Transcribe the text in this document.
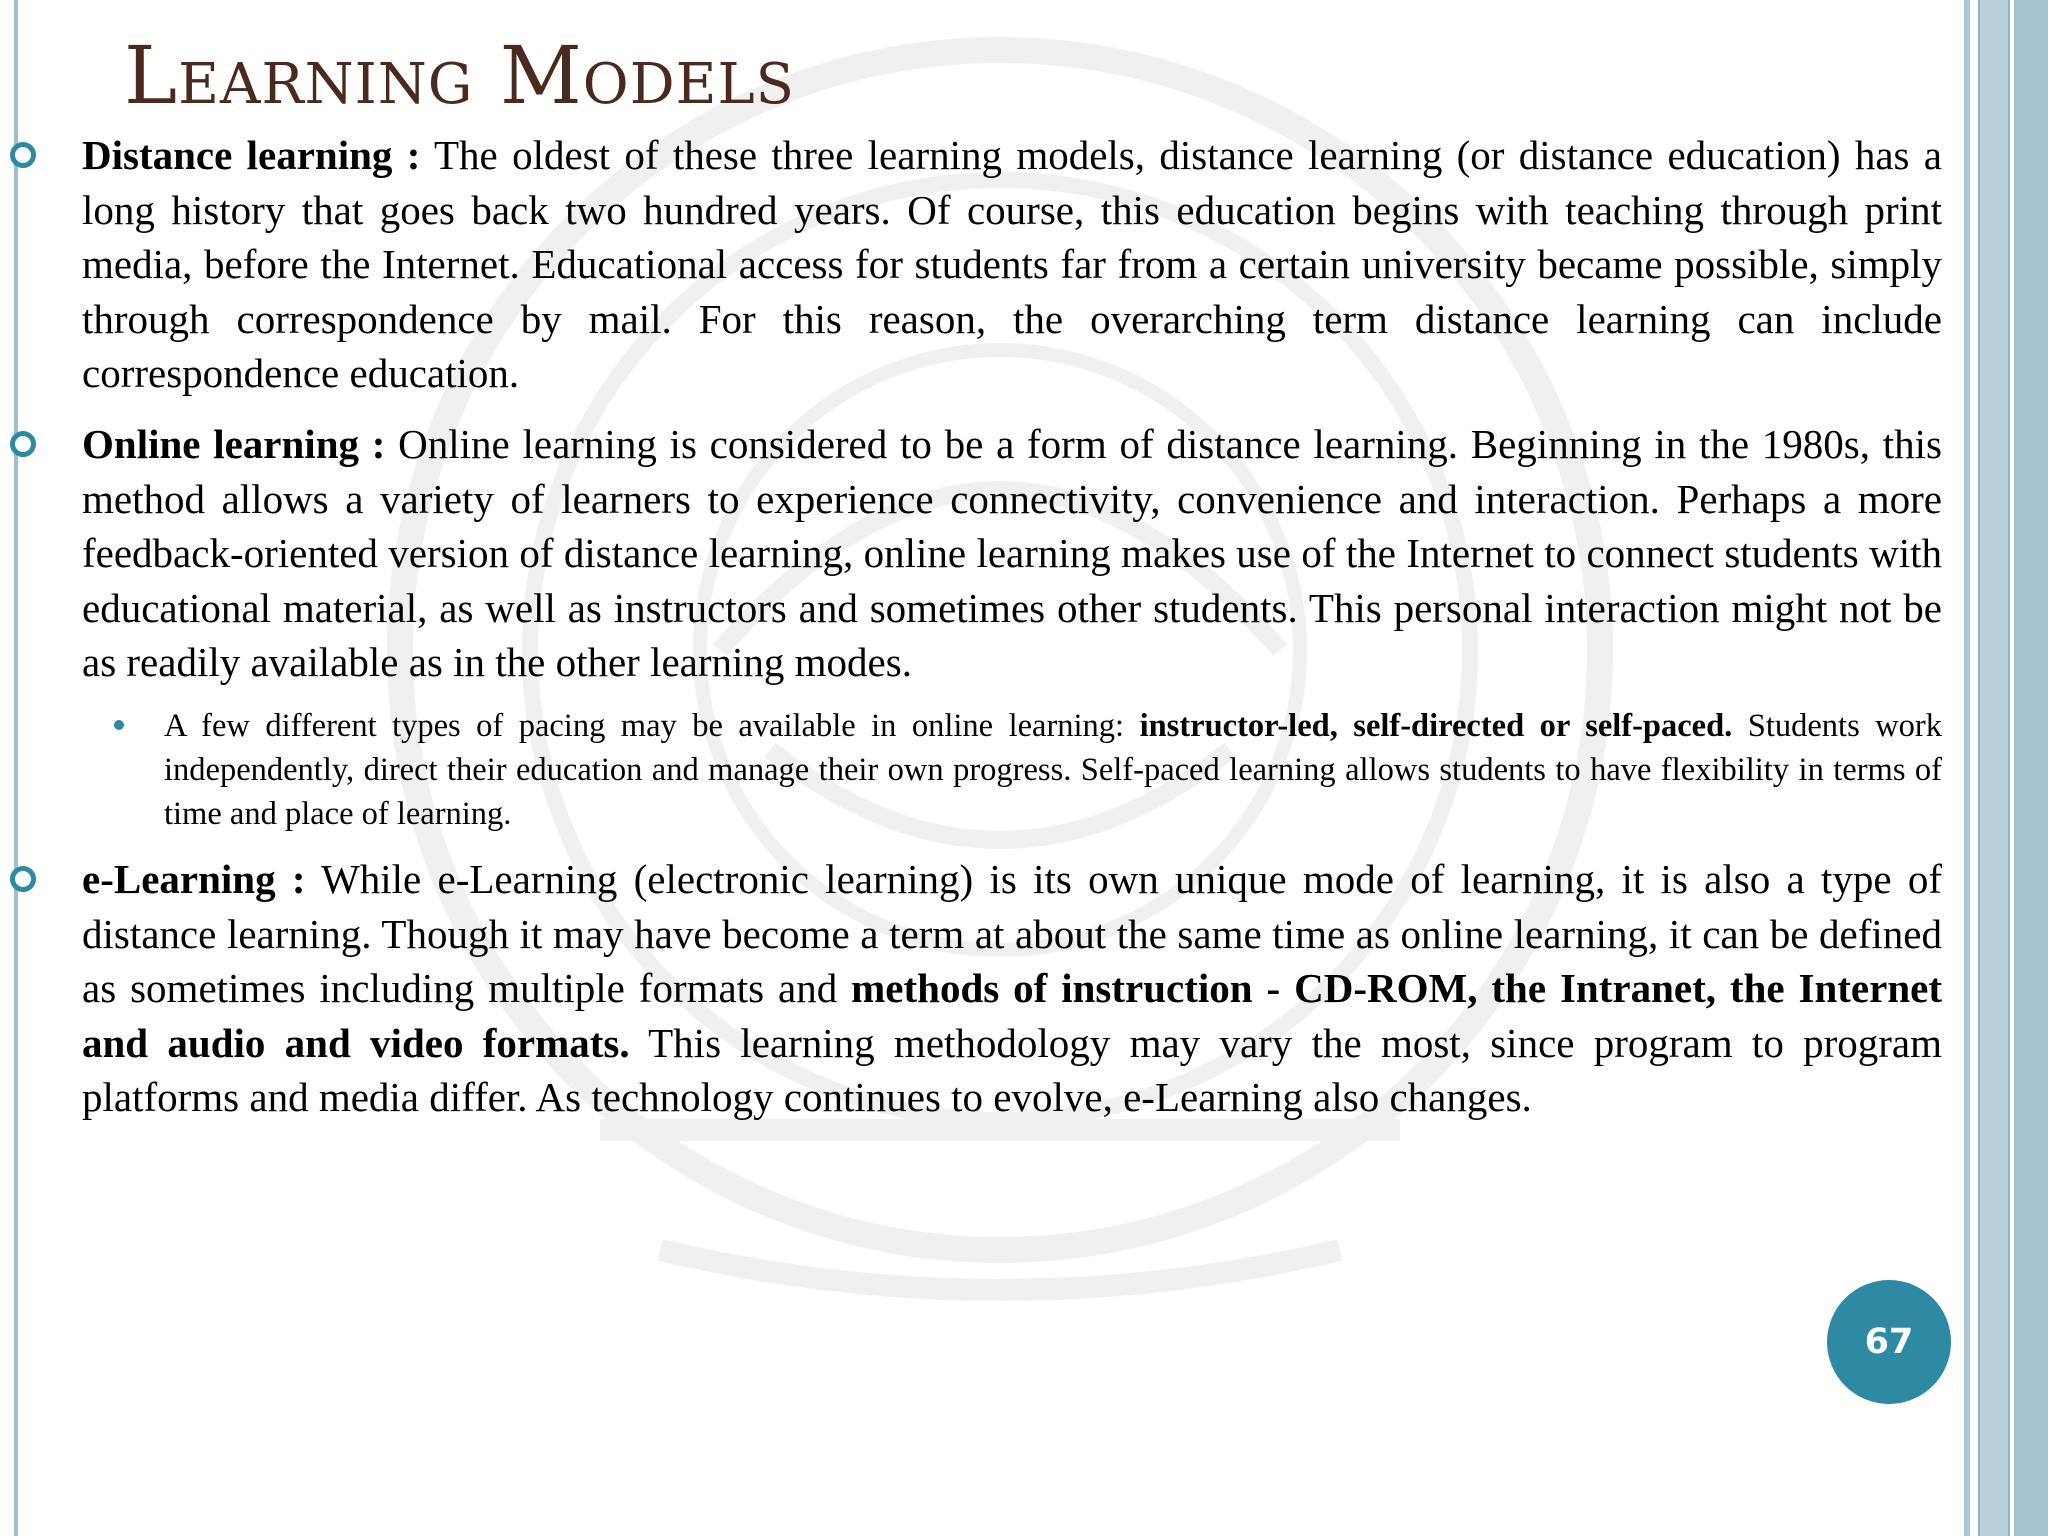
Learning Models

Distance learning : The oldest of these three learning models, distance learning (or distance education) has a long history that goes back two hundred years. Of course, this education begins with teaching through print media, before the Internet. Educational access for students far from a certain university became possible, simply through correspondence by mail. For this reason, the overarching term distance learning can include correspondence education.

Online learning : Online learning is considered to be a form of distance learning. Beginning in the 1980s, this method allows a variety of learners to experience connectivity, convenience and interaction. Perhaps a more feedback-oriented version of distance learning, online learning makes use of the Internet to connect students with educational material, as well as instructors and sometimes other students. This personal interaction might not be as readily available as in the other learning modes.

A few different types of pacing may be available in online learning: instructor-led, self-directed or self-paced. Students work independently, direct their education and manage their own progress. Self-paced learning allows students to have flexibility in terms of time and place of learning.

e-Learning : While e-Learning (electronic learning) is its own unique mode of learning, it is also a type of distance learning. Though it may have become a term at about the same time as online learning, it can be defined as sometimes including multiple formats and methods of instruction - CD-ROM, the Intranet, the Internet and audio and video formats. This learning methodology may vary the most, since program to program platforms and media differ. As technology continues to evolve, e-Learning also changes.

67
